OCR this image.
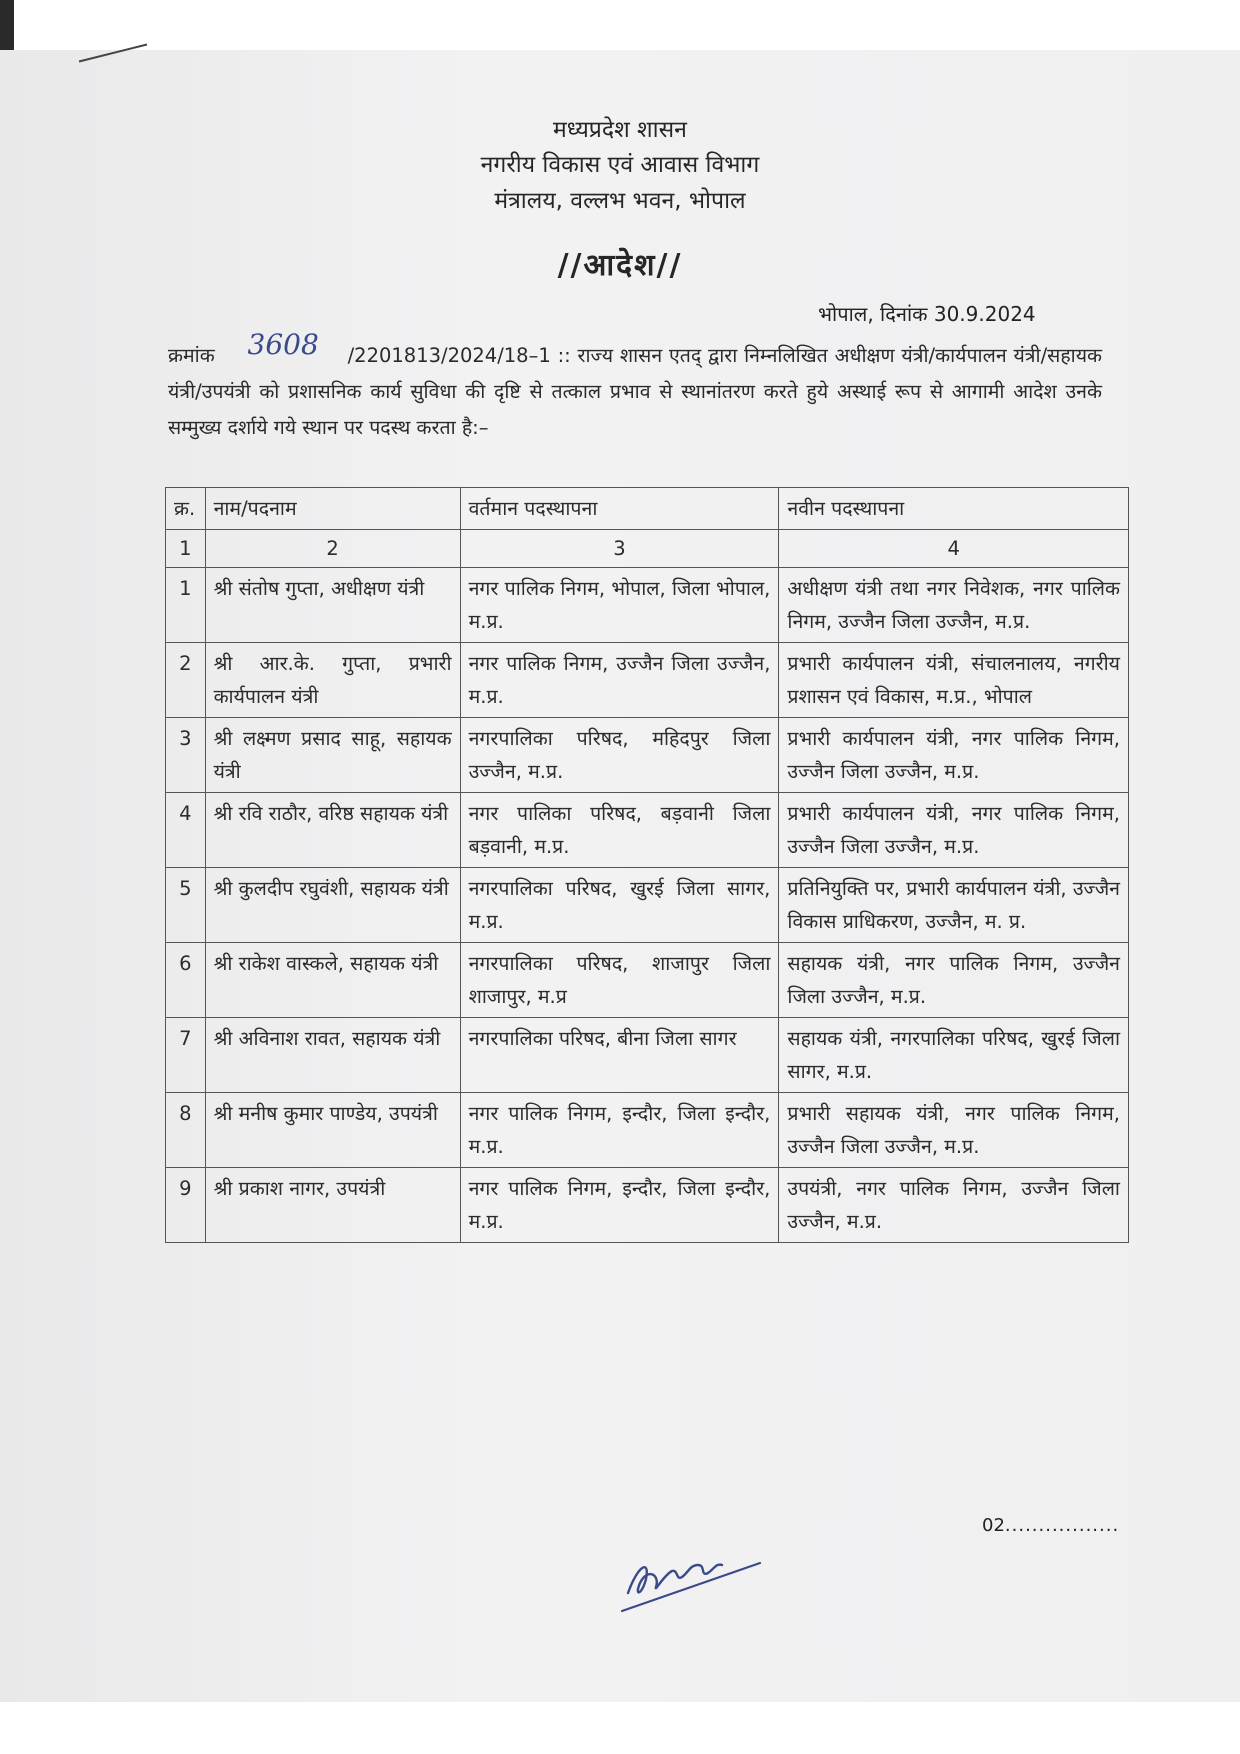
मध्यप्रदेश शासन
नगरीय विकास एवं आवास विभाग
मंत्रालय, वल्लभ भवन, भोपाल
//आदेश//
भोपाल, दिनांक 30.9.2024
क्रमांक 3608 /2201813/2024/18–1 :: राज्य शासन एतद् द्वारा निम्नलिखित अधीक्षण यंत्री/कार्यपालन यंत्री/सहायक यंत्री/उपयंत्री को प्रशासनिक कार्य सुविधा की दृष्टि से तत्काल प्रभाव से स्थानांतरण करते हुये अस्थाई रूप से आगामी आदेश उनके सम्मुख्य दर्शाये गये स्थान पर पदस्थ करता है:–
क्र.	नाम/पदनाम	वर्तमान पदस्थापना	नवीन पदस्थापना
1	2	3	4
1	श्री संतोष गुप्ता, अधीक्षण यंत्री	नगर पालिक निगम, भोपाल, जिला भोपाल, म.प्र.	अधीक्षण यंत्री तथा नगर निवेशक, नगर पालिक निगम, उज्जैन जिला उज्जैन, म.प्र.
2	श्री आर.के. गुप्ता, प्रभारी कार्यपालन यंत्री	नगर पालिक निगम, उज्जैन जिला उज्जैन, म.प्र.	प्रभारी कार्यपालन यंत्री, संचालनालय, नगरीय प्रशासन एवं विकास, म.प्र., भोपाल
3	श्री लक्ष्मण प्रसाद साहू, सहायक यंत्री	नगरपालिका परिषद, महिदपुर जिला उज्जैन, म.प्र.	प्रभारी कार्यपालन यंत्री, नगर पालिक निगम, उज्जैन जिला उज्जैन, म.प्र.
4	श्री रवि राठौर, वरिष्ठ सहायक यंत्री	नगर पालिका परिषद, बड़वानी जिला बड़वानी, म.प्र.	प्रभारी कार्यपालन यंत्री, नगर पालिक निगम, उज्जैन जिला उज्जैन, म.प्र.
5	श्री कुलदीप रघुवंशी, सहायक यंत्री	नगरपालिका परिषद, खुरई जिला सागर, म.प्र.	प्रतिनियुक्ति पर, प्रभारी कार्यपालन यंत्री, उज्जैन विकास प्राधिकरण, उज्जैन, म. प्र.
6	श्री राकेश वास्कले, सहायक यंत्री	नगरपालिका परिषद, शाजापुर जिला शाजापुर, म.प्र	सहायक यंत्री, नगर पालिक निगम, उज्जैन जिला उज्जैन, म.प्र.
7	श्री अविनाश रावत, सहायक यंत्री	नगरपालिका परिषद, बीना जिला सागर	सहायक यंत्री, नगरपालिका परिषद, खुरई जिला सागर, म.प्र.
8	श्री मनीष कुमार पाण्डेय, उपयंत्री	नगर पालिक निगम, इन्दौर, जिला इन्दौर, म.प्र.	प्रभारी सहायक यंत्री, नगर पालिक निगम, उज्जैन जिला उज्जैन, म.प्र.
9	श्री प्रकाश नागर, उपयंत्री	नगर पालिक निगम, इन्दौर, जिला इन्दौर, म.प्र.	उपयंत्री, नगर पालिक निगम, उज्जैन जिला उज्जैन, म.प्र.
02.................
